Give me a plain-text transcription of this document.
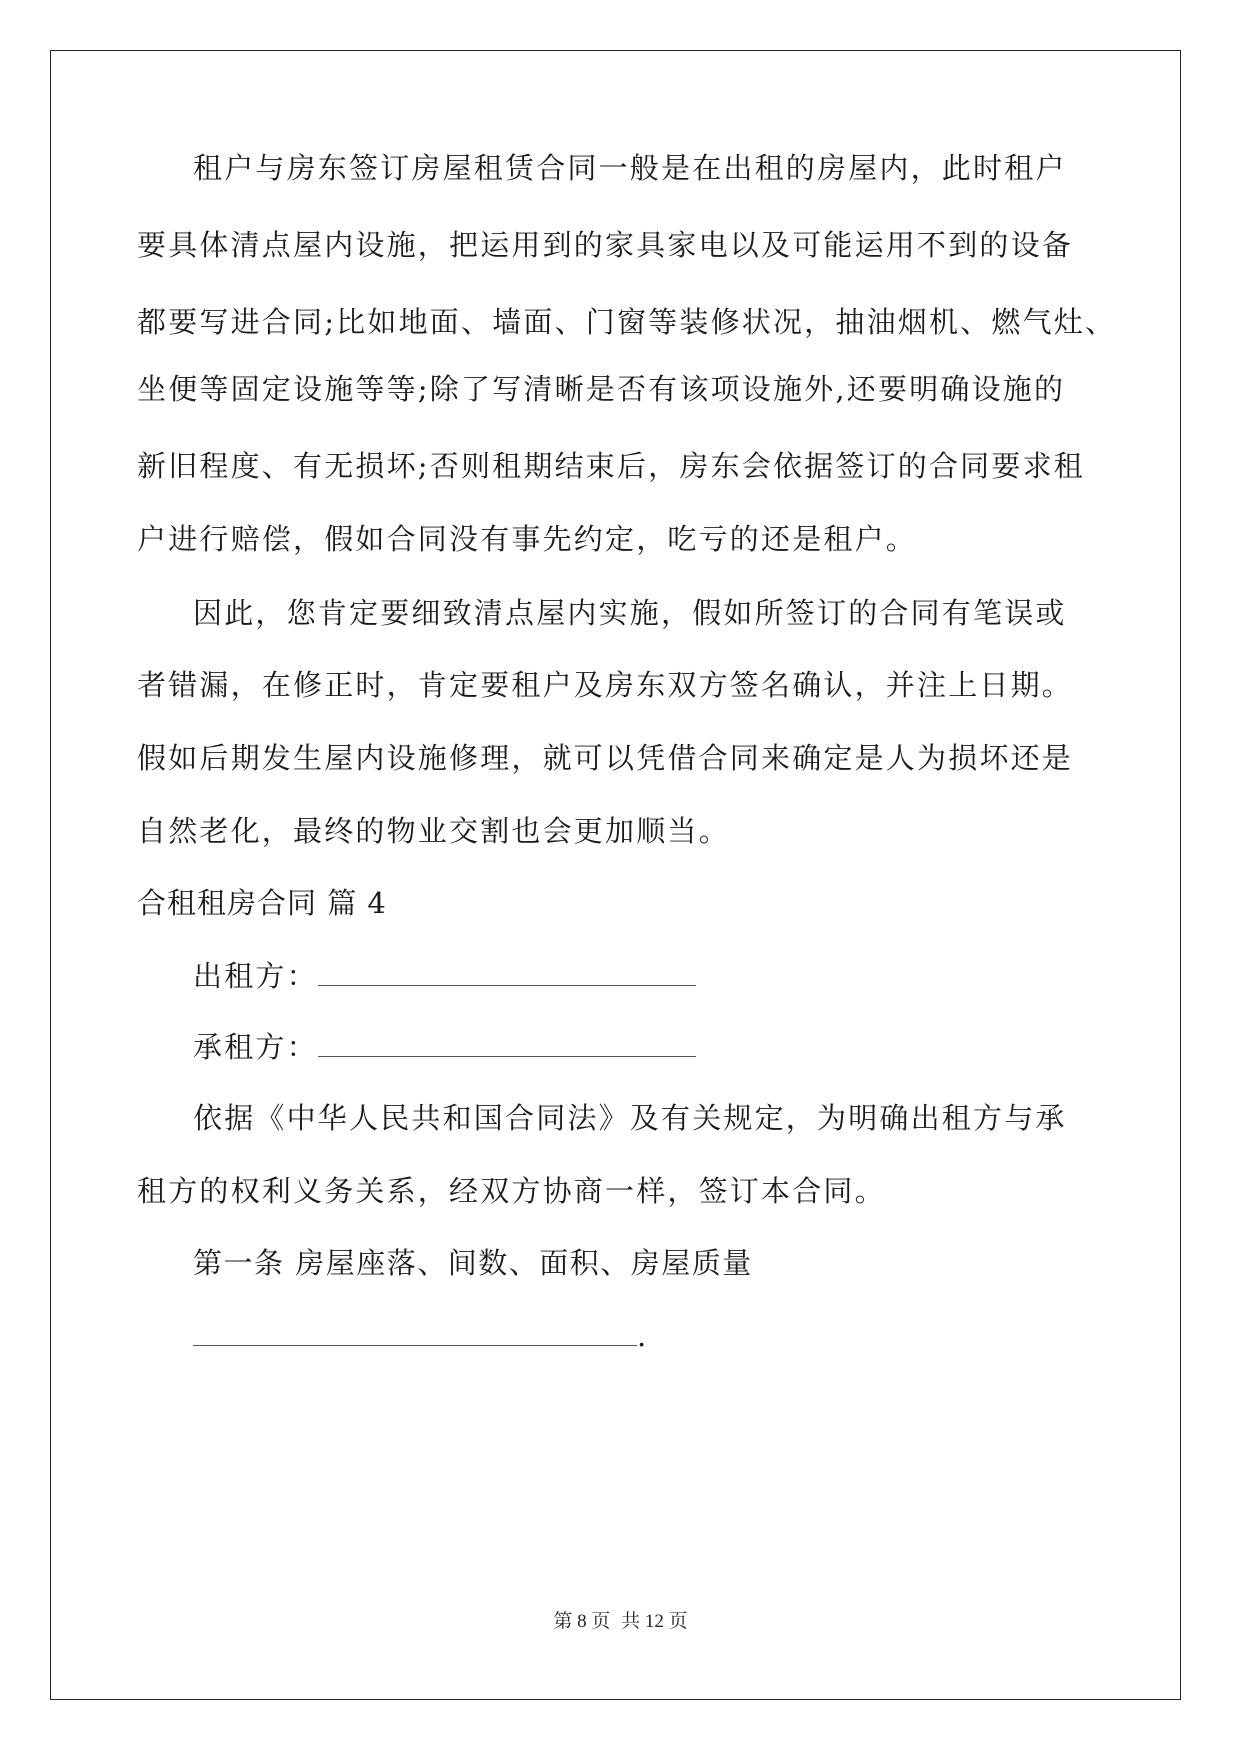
租户与房东签订房屋租赁合同一般是在出租的房屋内，此时租户
要具体清点屋内设施，把运用到的家具家电以及可能运用不到的设备
都要写进合同;比如地面、墙面、门窗等装修状况，抽油烟机、燃气灶、
坐便等固定设施等等;除了写清晰是否有该项设施外,还要明确设施的
新旧程度、有无损坏;否则租期结束后，房东会依据签订的合同要求租
户进行赔偿，假如合同没有事先约定，吃亏的还是租户。
因此，您肯定要细致清点屋内实施，假如所签订的合同有笔误或
者错漏，在修正时，肯定要租户及房东双方签名确认，并注上日期。
假如后期发生屋内设施修理，就可以凭借合同来确定是人为损坏还是
自然老化，最终的物业交割也会更加顺当。
合租租房合同 篇 4
出租方：
承租方：
依据《中华人民共和国合同法》及有关规定，为明确出租方与承
租方的权利义务关系，经双方协商一样，签订本合同。
第一条 房屋座落、间数、面积、房屋质量
.
第 8 页 共 12 页
